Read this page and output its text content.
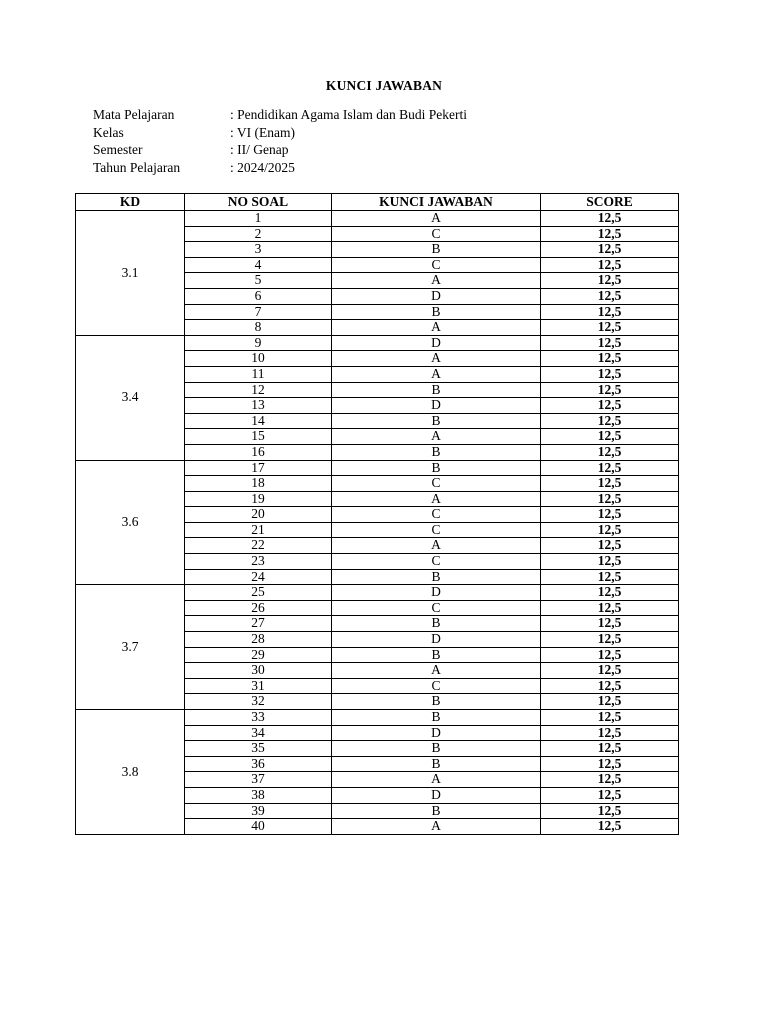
KUNCI JAWABAN
Mata Pelajaran	: Pendidikan Agama Islam dan Budi Pekerti
Kelas	: VI (Enam)
Semester	: II/ Genap
Tahun Pelajaran	: 2024/2025
KD	NO SOAL	KUNCI JAWABAN	SCORE
3.1	1	A	12,5
	2	C	12,5
	3	B	12,5
	4	C	12,5
	5	A	12,5
	6	D	12,5
	7	B	12,5
	8	A	12,5
3.4	9	D	12,5
	10	A	12,5
	11	A	12,5
	12	B	12,5
	13	D	12,5
	14	B	12,5
	15	A	12,5
	16	B	12,5
3.6	17	B	12,5
	18	C	12,5
	19	A	12,5
	20	C	12,5
	21	C	12,5
	22	A	12,5
	23	C	12,5
	24	B	12,5
3.7	25	D	12,5
	26	C	12,5
	27	B	12,5
	28	D	12,5
	29	B	12,5
	30	A	12,5
	31	C	12,5
	32	B	12,5
3.8	33	B	12,5
	34	D	12,5
	35	B	12,5
	36	B	12,5
	37	A	12,5
	38	D	12,5
	39	B	12,5
	40	A	12,5
